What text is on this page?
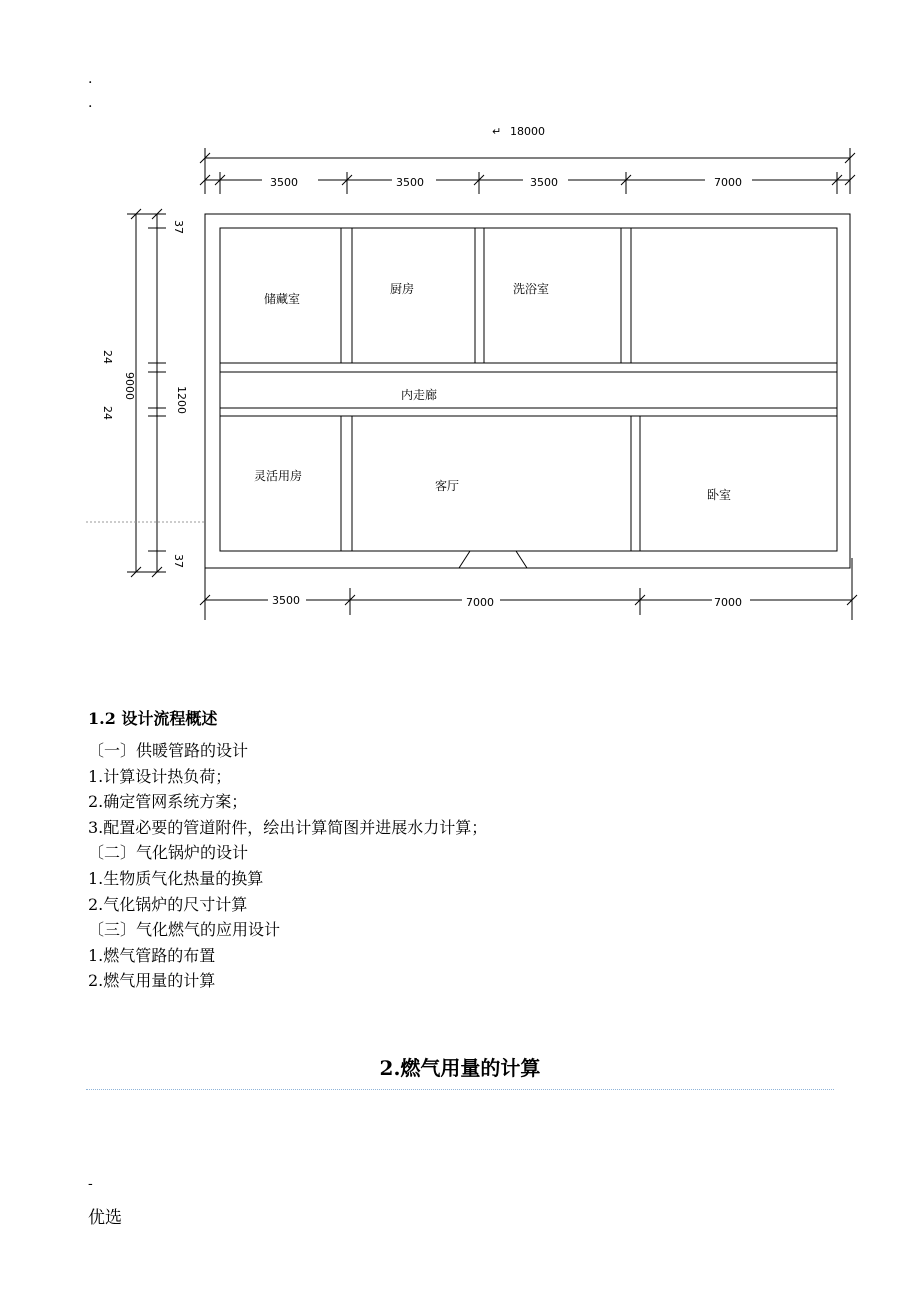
.
.
↵ 18000
3500	3500	3500	7000
3500	7000	7000
37
24
9000
24	1200
37
储藏室
厨房	洗浴室
内走廊
灵活用房
客厅
卧室
1.2 设计流程概述
〔一〕供暖管路的设计
1.计算设计热负荷；
2.确定管网系统方案；
3.配置必要的管道附件，绘出计算简图并进展水力计算；
〔二〕气化锅炉的设计
1.生物质气化热量的换算
2.气化锅炉的尺寸计算
〔三〕气化燃气的应用设计
1.燃气管路的布置
2.燃气用量的计算
2.燃气用量的计算
-
优选
